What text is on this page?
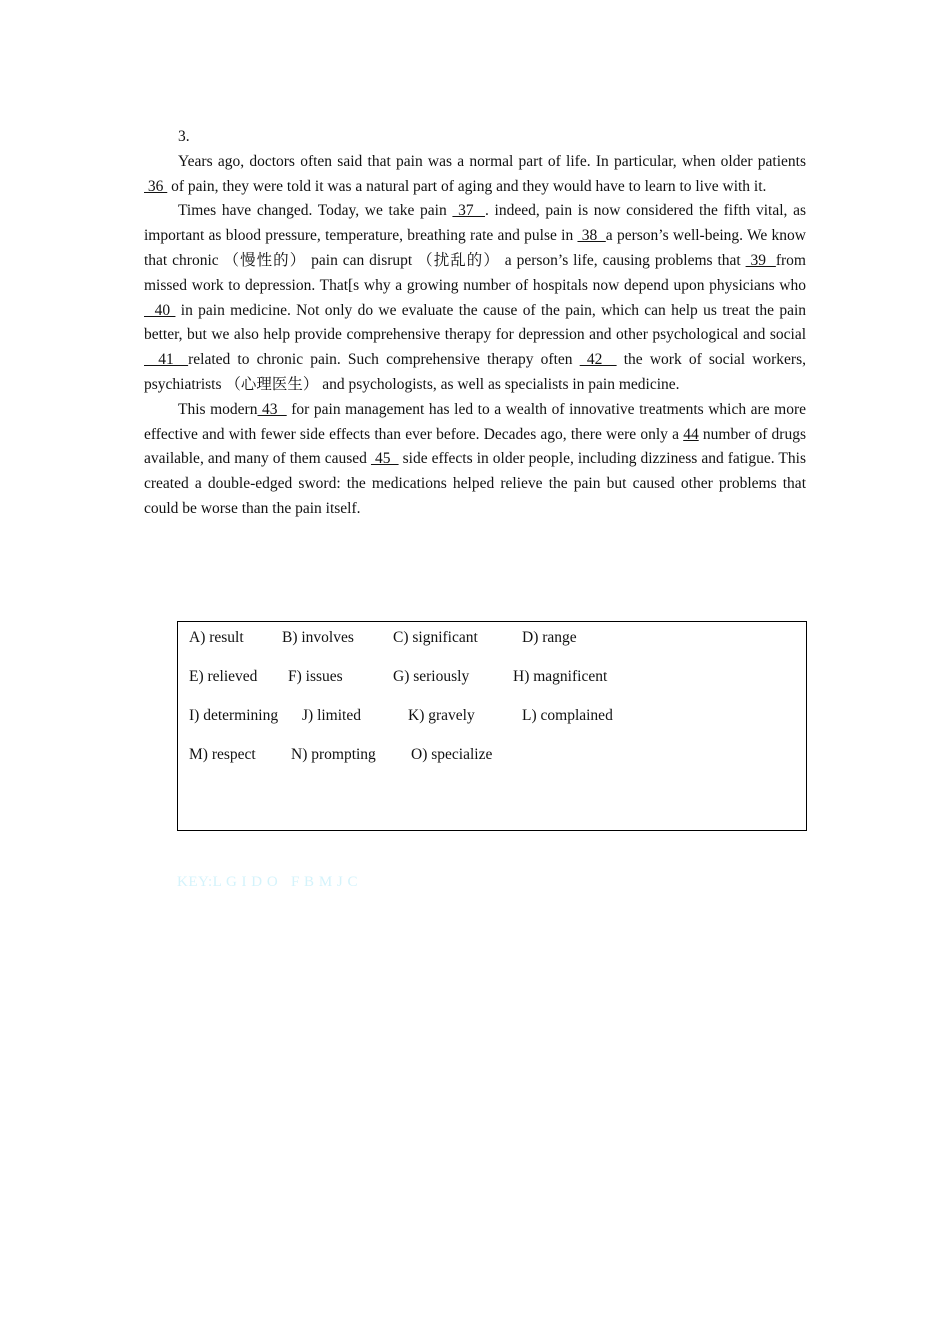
3.

Years ago, doctors often said that pain was a normal part of life. In particular, when older patients  36  of pain, they were told it was a natural part of aging and they would have to learn to live with it.

Times have changed. Today, we take pain  37  . indeed, pain is now considered the fifth vital, as important as blood pressure, temperature, breathing rate and pulse in  38  a person’s well-being. We know that chronic （慢性的） pain can disrupt （扰乱的） a person’s life, causing problems that  39  from missed work to depression. That[s why a growing number of hospitals now depend upon physicians who   40  in pain medicine. Not only do we evaluate the cause of the pain, which can help us treat the pain better, but we also help provide comprehensive therapy for depression and other psychological and social   41  related to chronic pain. Such comprehensive therapy often  42   the work of social workers, psychiatrists （心理医生） and psychologists, as well as specialists in pain medicine.

This modern 43   for pain management has led to a wealth of innovative treatments which are more effective and with fewer side effects than ever before. Decades ago, there were only a 44 number of drugs available, and many of them caused  45   side effects in older people, including dizziness and fatigue. This created a double-edged sword: the medications helped relieve the pain but caused other problems that could be worse than the pain itself.

A) result B) involves	C) significant	D) range
E) relieved F) issues	G) seriously	H) magnificent
I) determining J) limited	K) gravely	L) complained
M) respect N) prompting O) specialize
KEY:L G I D O   F B M J C
